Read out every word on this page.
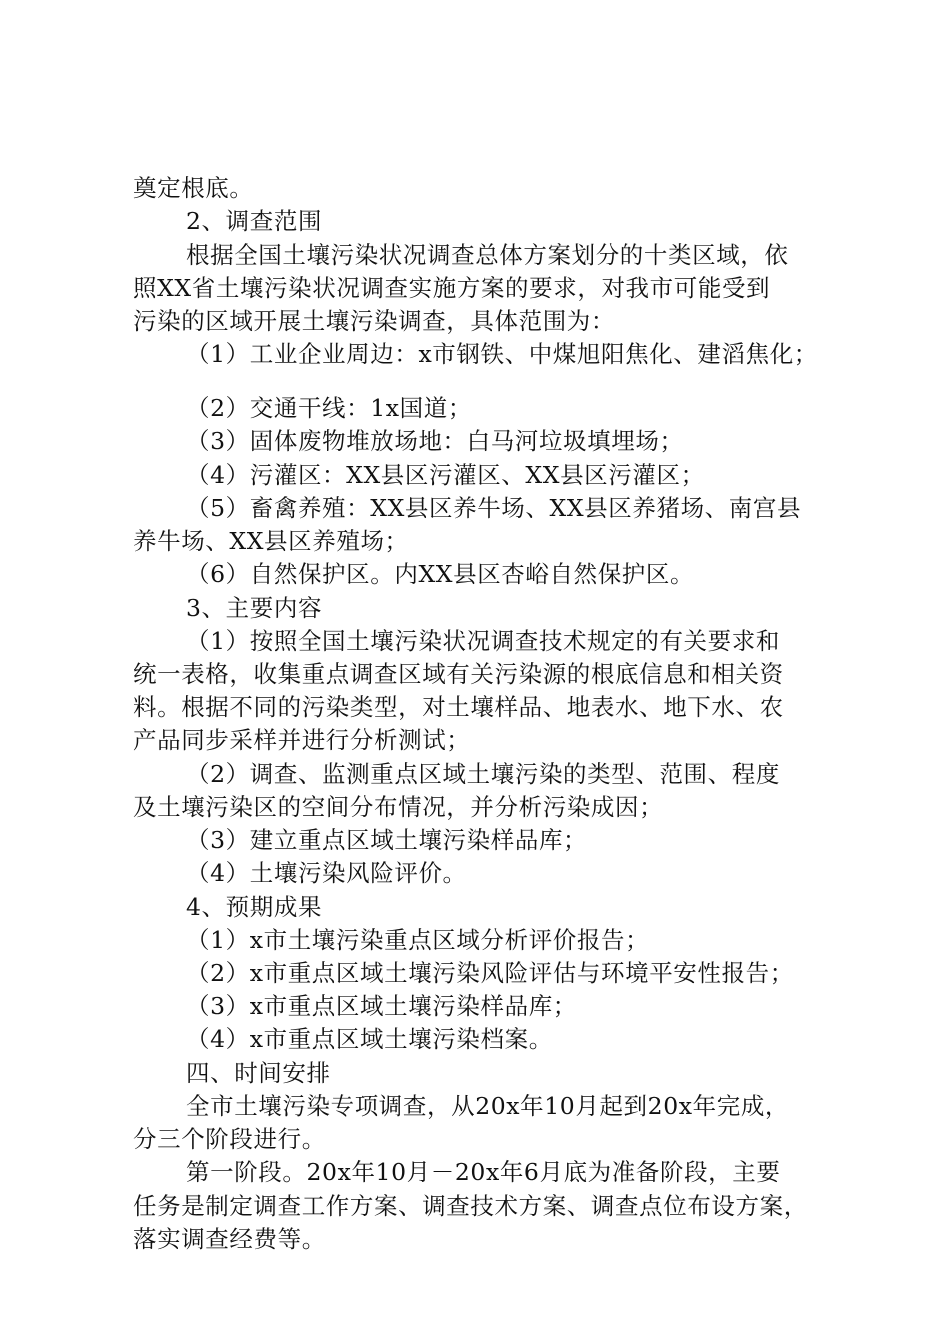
奠定根底。
2、调查范围
根据全国土壤污染状况调查总体方案划分的十类区域，依
照XX省土壤污染状况调查实施方案的要求，对我市可能受到
污染的区域开展土壤污染调查，具体范围为：
（1）工业企业周边：x市钢铁、中煤旭阳焦化、建滔焦化；
（2）交通干线：1x国道；
（3）固体废物堆放场地：白马河垃圾填埋场；
（4）污灌区：XX县区污灌区、XX县区污灌区；
（5）畜禽养殖：XX县区养牛场、XX县区养猪场、南宫县
养牛场、XX县区养殖场；
（6）自然保护区。内XX县区杏峪自然保护区。
3、主要内容
（1）按照全国土壤污染状况调查技术规定的有关要求和
统一表格，收集重点调查区域有关污染源的根底信息和相关资
料。根据不同的污染类型，对土壤样品、地表水、地下水、农
产品同步采样并进行分析测试；
（2）调查、监测重点区域土壤污染的类型、范围、程度
及土壤污染区的空间分布情况，并分析污染成因；
（3）建立重点区域土壤污染样品库；
（4）土壤污染风险评价。
4、预期成果
（1）x市土壤污染重点区域分析评价报告；
（2）x市重点区域土壤污染风险评估与环境平安性报告；
（3）x市重点区域土壤污染样品库；
（4）x市重点区域土壤污染档案。
四、时间安排
全市土壤污染专项调查，从20x年10月起到20x年完成，
分三个阶段进行。
第一阶段。20x年10月－20x年6月底为准备阶段，主要
任务是制定调查工作方案、调查技术方案、调查点位布设方案，
落实调查经费等。
